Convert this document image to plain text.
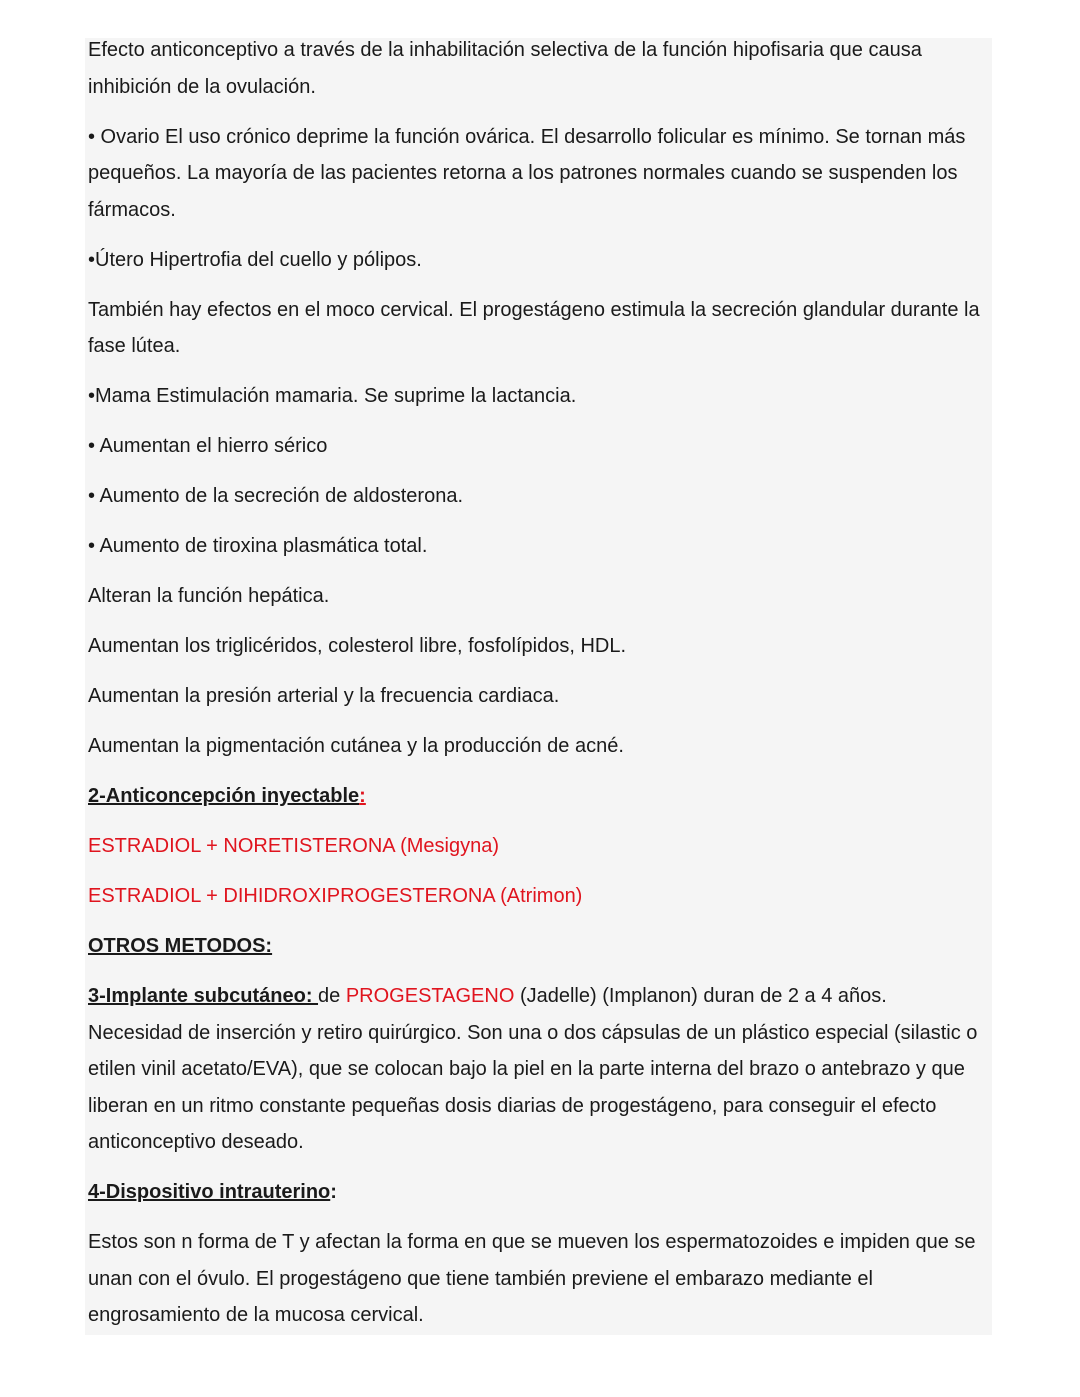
Efecto anticonceptivo a través de la inhabilitación selectiva de la función hipofisaria que causa inhibición de la ovulación.

• Ovario El uso crónico deprime la función ovárica. El desarrollo folicular es mínimo. Se tornan más pequeños. La mayoría de las pacientes retorna a los patrones normales cuando se suspenden los fármacos.

•Útero Hipertrofia del cuello y pólipos.

También hay efectos en el moco cervical. El progestágeno estimula la secreción glandular durante la fase lútea.

•Mama Estimulación mamaria. Se suprime la lactancia.

• Aumentan el hierro sérico

• Aumento de la secreción de aldosterona.

• Aumento de tiroxina plasmática total.

Alteran la función hepática.

Aumentan los triglicéridos, colesterol libre, fosfolípidos, HDL.

Aumentan la presión arterial y la frecuencia cardiaca.

Aumentan la pigmentación cutánea y la producción de acné.

2-Anticoncepción inyectable:

ESTRADIOL + NORETISTERONA (Mesigyna)

ESTRADIOL + DIHIDROXIPROGESTERONA (Atrimon)

OTROS METODOS:

3-Implante subcutáneo: de PROGESTAGENO (Jadelle) (Implanon) duran de 2 a 4 años. Necesidad de inserción y retiro quirúrgico. Son una o dos cápsulas de un plástico especial (silastic o etilen vinil acetato/EVA), que se colocan bajo la piel en la parte interna del brazo o antebrazo y que liberan en un ritmo constante pequeñas dosis diarias de progestágeno, para conseguir el efecto anticonceptivo deseado.

4-Dispositivo intrauterino:

Estos son n forma de T y afectan la forma en que se mueven los espermatozoides e impiden que se unan con el óvulo. El progestágeno que tiene también previene el embarazo mediante el engrosamiento de la mucosa cervical.
